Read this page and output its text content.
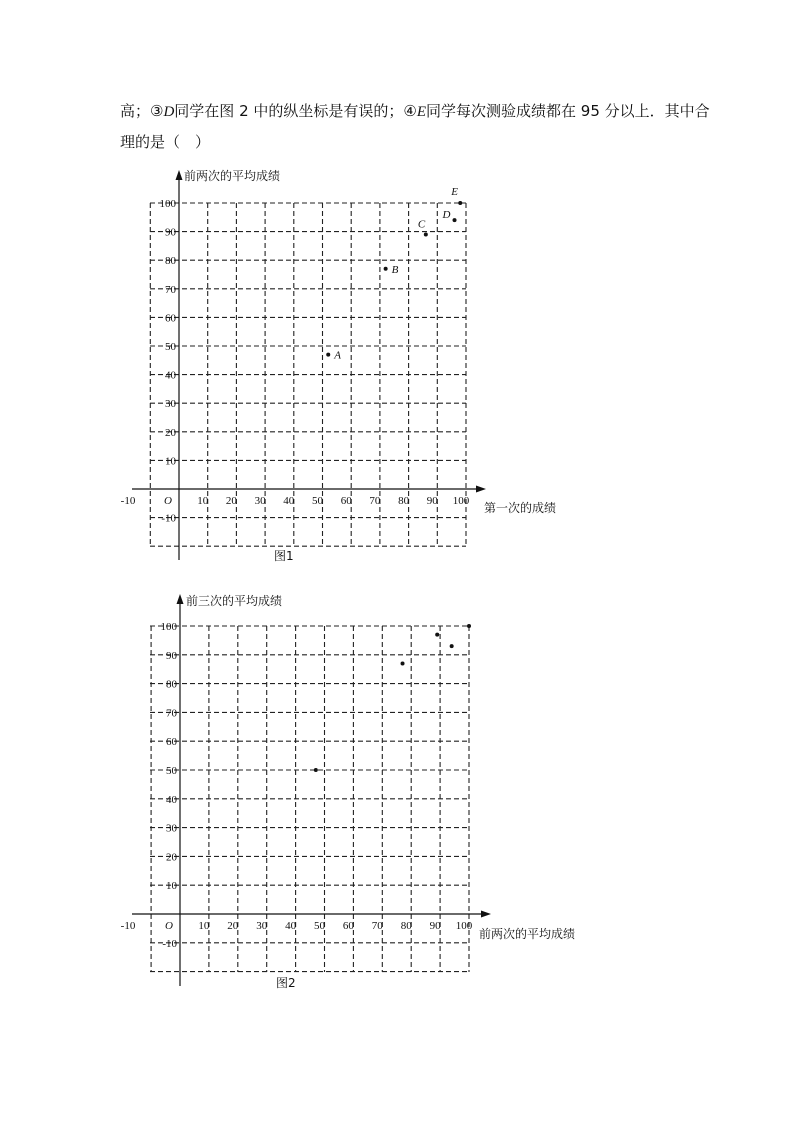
高；③D同学在图 2 中的纵坐标是有误的；④E同学每次测验成绩都在 95 分以上．其中合
理的是（　）
-10	10 20 30 40 50 60 70 80 90 100
100
90
80
70
60
50
40
30
20
10
-10
O
前两次的平均成绩
第一次的成绩
图1
A
B
C
D
E
-10	10 20 30 40 50 60 70 80 90 100
100
90
80
70
60
50
40
30
20
10
-10
O
前三次的平均成绩
前两次的平均成绩
图2
